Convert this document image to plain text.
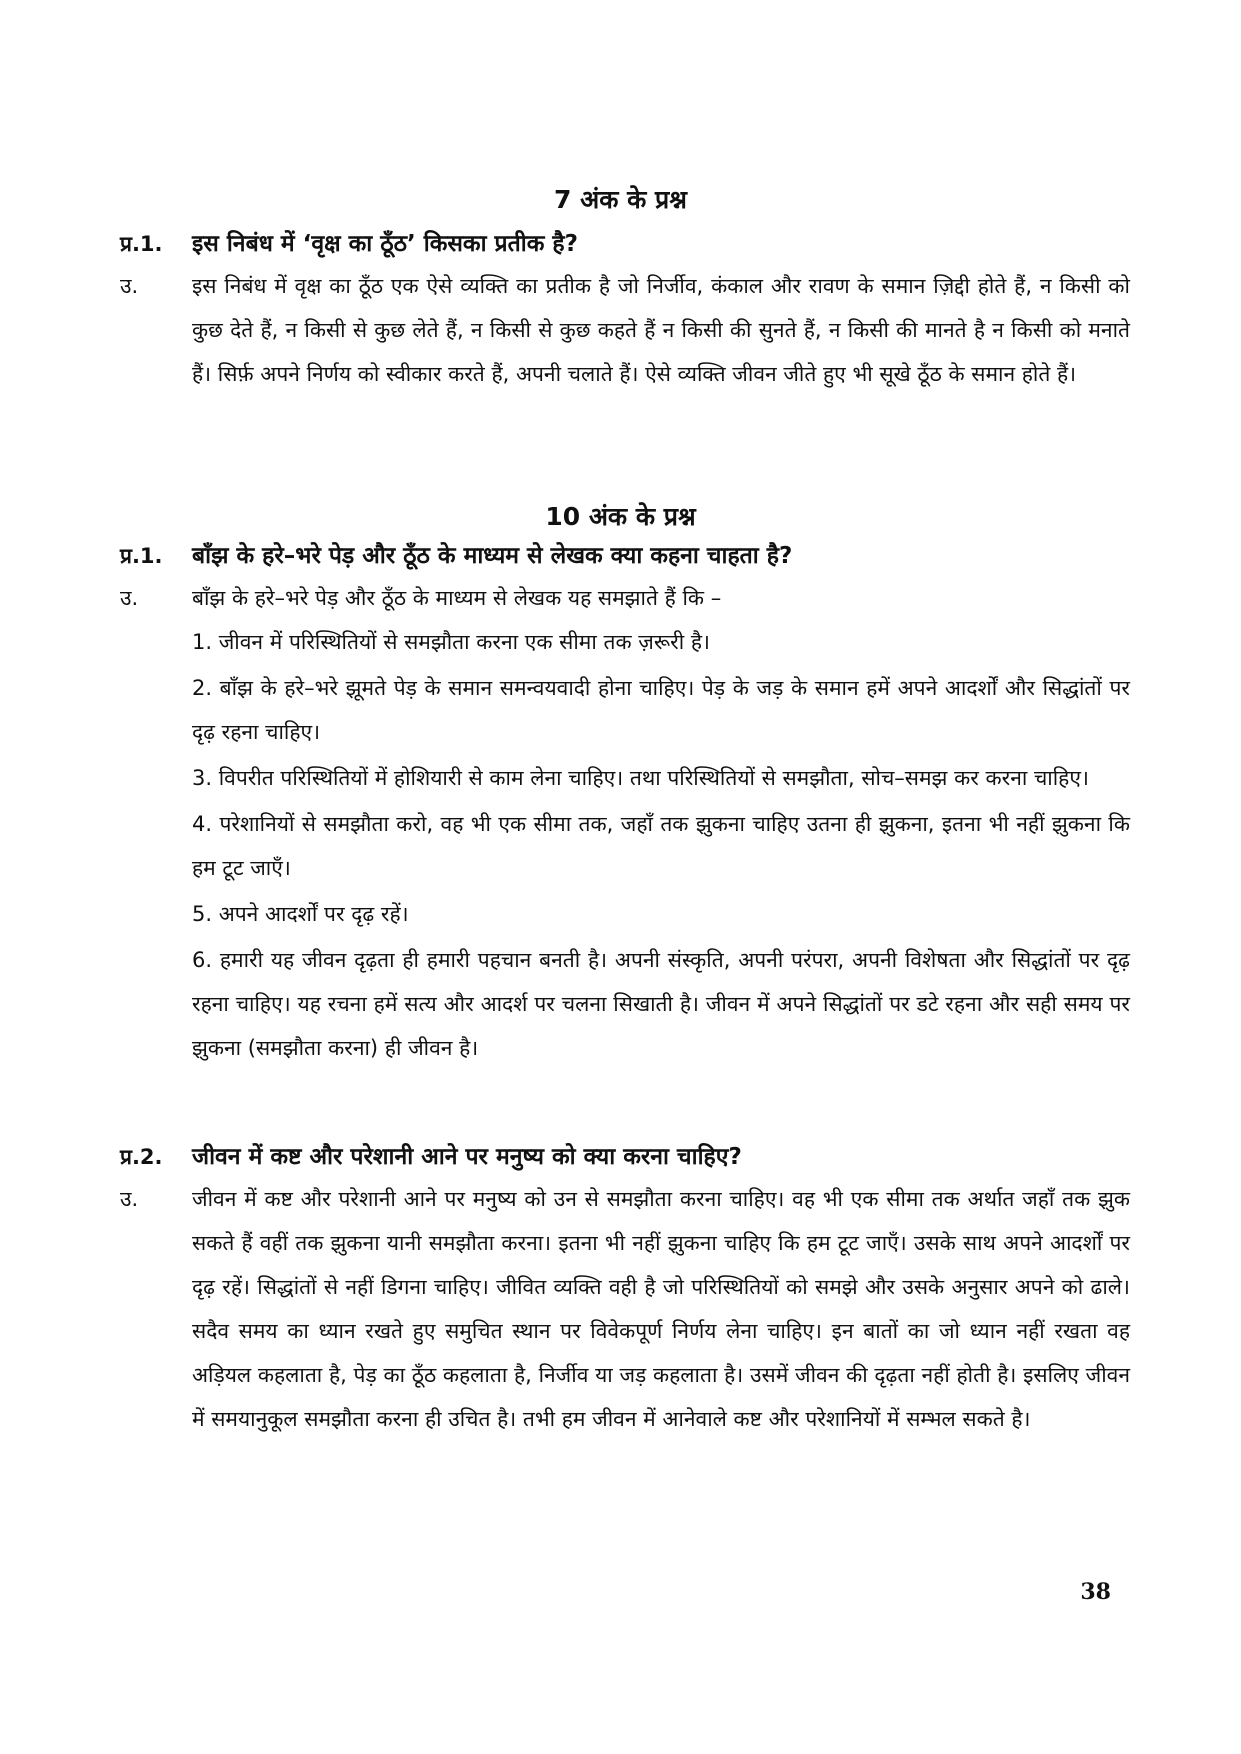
7 अंक के प्रश्न
प्र.1. इस निबंध में ‘वृक्ष का ठूँठ’ किसका प्रतीक है?
उ.	इस निबंध में वृक्ष का ठूँठ एक ऐसे व्यक्ति का प्रतीक है जो निर्जीव, कंकाल और रावण के समान ज़िद्दी होते हैं, न किसी को कुछ देते हैं, न किसी से कुछ लेते हैं, न किसी से कुछ कहते हैं न किसी की सुनते हैं, न किसी की मानते है न किसी को मनाते हैं। सिर्फ़ अपने निर्णय को स्वीकार करते हैं, अपनी चलाते हैं। ऐसे व्यक्ति जीवन जीते हुए भी सूखे ठूँठ के समान होते हैं।
10 अंक के प्रश्न
प्र.1. बाँझ के हरे–भरे पेड़ और ठूँठ के माध्यम से लेखक क्या कहना चाहता है?
उ.	बाँझ के हरे–भरे पेड़ और ठूँठ के माध्यम से लेखक यह समझाते हैं कि –

1. जीवन में परिस्थितियों से समझौता करना एक सीमा तक ज़रूरी है।

2. बाँझ के हरे–भरे झूमते पेड़ के समान समन्वयवादी होना चाहिए। पेड़ के जड़ के समान हमें अपने आदर्शों और सिद्धांतों पर दृढ़ रहना चाहिए।

3. विपरीत परिस्थितियों में होशियारी से काम लेना चाहिए। तथा परिस्थितियों से समझौता, सोच–समझ कर करना चाहिए।

4. परेशानियों से समझौता करो, वह भी एक सीमा तक, जहाँ तक झुकना चाहिए उतना ही झुकना, इतना भी नहीं झुकना कि हम टूट जाएँ।

5. अपने आदर्शों पर दृढ़ रहें।

6. हमारी यह जीवन दृढ़ता ही हमारी पहचान बनती है। अपनी संस्कृति, अपनी परंपरा, अपनी विशेषता और सिद्धांतों पर दृढ़ रहना चाहिए। यह रचना हमें सत्य और आदर्श पर चलना सिखाती है। जीवन में अपने सिद्धांतों पर डटे रहना और सही समय पर झुकना (समझौता करना) ही जीवन है।

प्र.2. जीवन में कष्ट और परेशानी आने पर मनुष्य को क्या करना चाहिए?
उ.	जीवन में कष्ट और परेशानी आने पर मनुष्य को उन से समझौता करना चाहिए। वह भी एक सीमा तक अर्थात जहाँ तक झुक सकते हैं वहीं तक झुकना यानी समझौता करना। इतना भी नहीं झुकना चाहिए कि हम टूट जाएँ। उसके साथ अपने आदर्शों पर दृढ़ रहें। सिद्धांतों से नहीं डिगना चाहिए। जीवित व्यक्ति वही है जो परिस्थितियों को समझे और उसके अनुसार अपने को ढाले। सदैव समय का ध्यान रखते हुए समुचित स्थान पर विवेकपूर्ण निर्णय लेना चाहिए। इन बातों का जो ध्यान नहीं रखता वह अड़ियल कहलाता है, पेड़ का ठूँठ कहलाता है, निर्जीव या जड़ कहलाता है। उसमें जीवन की दृढ़ता नहीं होती है। इसलिए जीवन में समयानुकूल समझौता करना ही उचित है। तभी हम जीवन में आनेवाले कष्ट और परेशानियों में सम्भल सकते है।
38
